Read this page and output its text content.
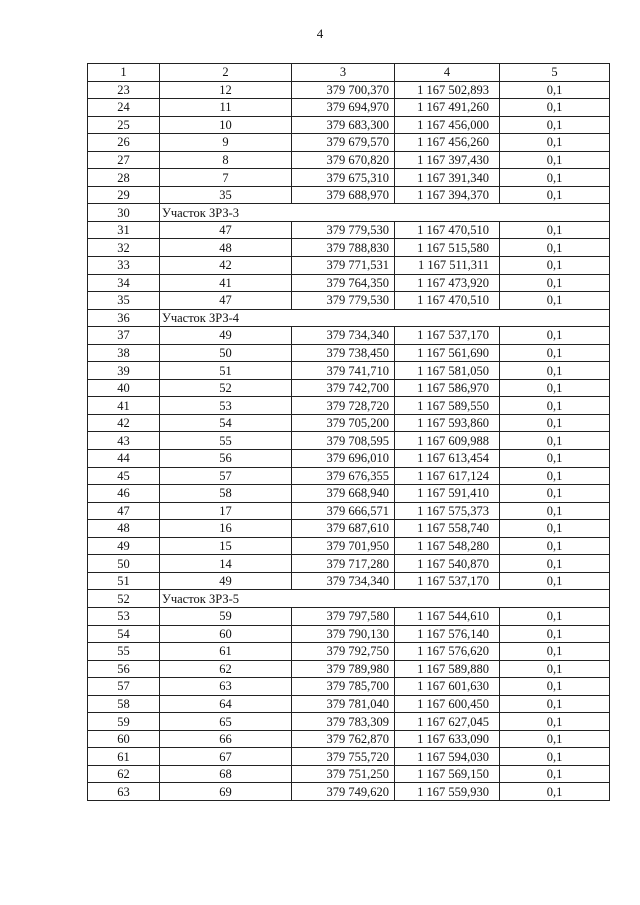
4
1	2	3	4	5
23	12	379 700,370	1 167 502,893	0,1
24	11	379 694,970	1 167 491,260	0,1
25	10	379 683,300	1 167 456,000	0,1
26	9	379 679,570	1 167 456,260	0,1
27	8	379 670,820	1 167 397,430	0,1
28	7	379 675,310	1 167 391,340	0,1
29	35	379 688,970	1 167 394,370	0,1
30	Участок ЗРЗ-3			
31	47	379 779,530	1 167 470,510	0,1
32	48	379 788,830	1 167 515,580	0,1
33	42	379 771,531	1 167 511,311	0,1
34	41	379 764,350	1 167 473,920	0,1
35	47	379 779,530	1 167 470,510	0,1
36	Участок ЗРЗ-4			
37	49	379 734,340	1 167 537,170	0,1
38	50	379 738,450	1 167 561,690	0,1
39	51	379 741,710	1 167 581,050	0,1
40	52	379 742,700	1 167 586,970	0,1
41	53	379 728,720	1 167 589,550	0,1
42	54	379 705,200	1 167 593,860	0,1
43	55	379 708,595	1 167 609,988	0,1
44	56	379 696,010	1 167 613,454	0,1
45	57	379 676,355	1 167 617,124	0,1
46	58	379 668,940	1 167 591,410	0,1
47	17	379 666,571	1 167 575,373	0,1
48	16	379 687,610	1 167 558,740	0,1
49	15	379 701,950	1 167 548,280	0,1
50	14	379 717,280	1 167 540,870	0,1
51	49	379 734,340	1 167 537,170	0,1
52	Участок ЗРЗ-5			
53	59	379 797,580	1 167 544,610	0,1
54	60	379 790,130	1 167 576,140	0,1
55	61	379 792,750	1 167 576,620	0,1
56	62	379 789,980	1 167 589,880	0,1
57	63	379 785,700	1 167 601,630	0,1
58	64	379 781,040	1 167 600,450	0,1
59	65	379 783,309	1 167 627,045	0,1
60	66	379 762,870	1 167 633,090	0,1
61	67	379 755,720	1 167 594,030	0,1
62	68	379 751,250	1 167 569,150	0,1
63	69	379 749,620	1 167 559,930	0,1
